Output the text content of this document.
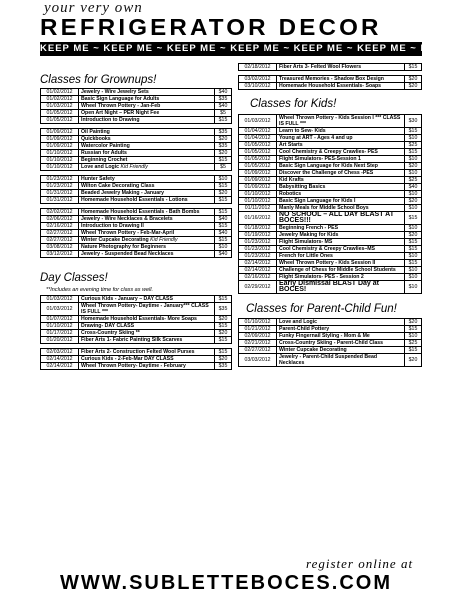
your very own
REFRIGERATOR DECOR
KEEP ME ~ KEEP ME ~ KEEP ME ~ KEEP ME ~ KEEP ME ~ KEEP ME ~ KEEP ME

Classes for Grownups!

01/02/2012	Jewelry - Wire Jewelry Sets	$40
01/02/2012	Basic Sign Language for Adults	$35
01/03/2012	Wheel Thrown Pottery - Jan-Feb	$40
01/05/2012	Open Art Night – PER Night Fee	$5
01/05/2012	Introduction to Drawing	$15

01/09/2012	Oil Painting	$35
01/09/2012	Quickbooks	$20
01/09/2012	Watercolor Painting	$35
01/10/2012	Russian for Adults	$20
01/10/2012	Beginning Crochet	$15
01/10/2012	Love and Logic Kid Friendly	$5

01/23/2012	Hunter Safety	$10
01/23/2012	Wilton Cake Decorating Class	$15
01/31/2012	Beaded Jewelry Making - January	$20
01/31/2012	Homemade Household Essentials - Lotions	$15

02/02/2012	Homemade Household Essentials - Bath Bombs	$15
02/06/2012	Jewelry - Wire Necklaces & Bracelets	$40
02/16/2012	Introduction to Drawing II	$15
02/27/2012	Wheel Thrown Pottery - Feb-Mar-April	$40
02/27/2012	Winter Cupcake Decorating Kid Friendly	$15
03/08/2012	Nature Photography for Beginners	$10
03/12/2012	Jewelry - Suspended Bead Necklaces	$40

Day Classes!

**Includes an evening time for class as well.
01/03/2012	Curious Kids - January – DAY CLASS	$15
01/03/2012	Wheel Thrown Pottery- Daytime - January*** CLASS IS FULL ***	$35
01/07/2012	Homemade Household Essentials- More Soaps	$20
01/10/2012	Drawing- DAY CLASS	$15
01/17/2012	Cross-Country Skiing **	$20
01/20/2012	Fiber Arts 1- Fabric Painting Silk Scarves	$15

02/03/2012	Fiber Arts 2- Construction Felted Wool Purses	$15
02/14/2012	Curious Kids - 2-Feb-Mar DAY CLASS	$20
02/14/2012	Wheel Thrown Pottery- Daytime - February	$35
02/18/2012	Fiber Arts 3- Felted Wool Flowers	$15

03/02/2012	Treasured Memories - Shadow Box Design	$20
03/10/2012	Homemade Household Essentials- Soaps	$20

Classes for Kids!

01/03/2012	Wheel Thrown Pottery - Kids Session I *** CLASS IS FULL ***	$30
01/04/2012	Learn to Sew- Kids	$15
01/04/2012	Young at ART - Ages 4 and up	$10
01/05/2012	Art Starts	$25
01/05/2012	Cool Chemistry & Creepy Crawlies- PES	$15
01/05/2012	Flight Simulators- PES-Session 1	$10
01/05/2012	Basic Sign Language for Kids Next Step	$20
01/09/2012	Discover the Challenge of Chess -PES	$10
01/09/2012	Kid Krafts	$25
01/09/2012	Babysitting Basics	$40
01/10/2012	Robotics	$10
01/10/2012	Basic Sign Language for Kids I	$20
01/11/2012	Manly Meals for Middle School Boys	$10
01/16/2012	NO SCHOOL – ALL DAY BLAST AT BOCES!!!	$15
01/18/2012	Beginning French - PES	$10
01/19/2012	Jewelry Making for Kids	$20
01/23/2012	Flight Simulators- MS	$15
01/23/2012	Cool Chemistry & Creepy Crawlies–MS	$15
01/23/2012	French for Little Ones	$10
02/14/2012	Wheel Thrown Pottery - Kids Session II	$15
02/14/2012	Challenge of Chess for Middle School Students	$10
02/16/2012	Flight Simulators- PES - Session 2	$10
02/29/2012	Early Dismissal BLAST Day at BOCES!	$10

Classes for Parent-Child Fun!

01/10/2012	Love and Logic	$20
01/21/2012	Parent-Child Pottery	$15
02/09/2012	Funky Fingernail Styling - Mom & Me	$10
02/21/2012	Cross-Country Skiing - Parent-Child Class	$25
02/27/2012	Winter Cupcake Decorating	$15
03/03/2012	Jewelry - Parent-Child Suspended Bead Necklaces	$20
register online at
WWW.SUBLETTEBOCES.COM
